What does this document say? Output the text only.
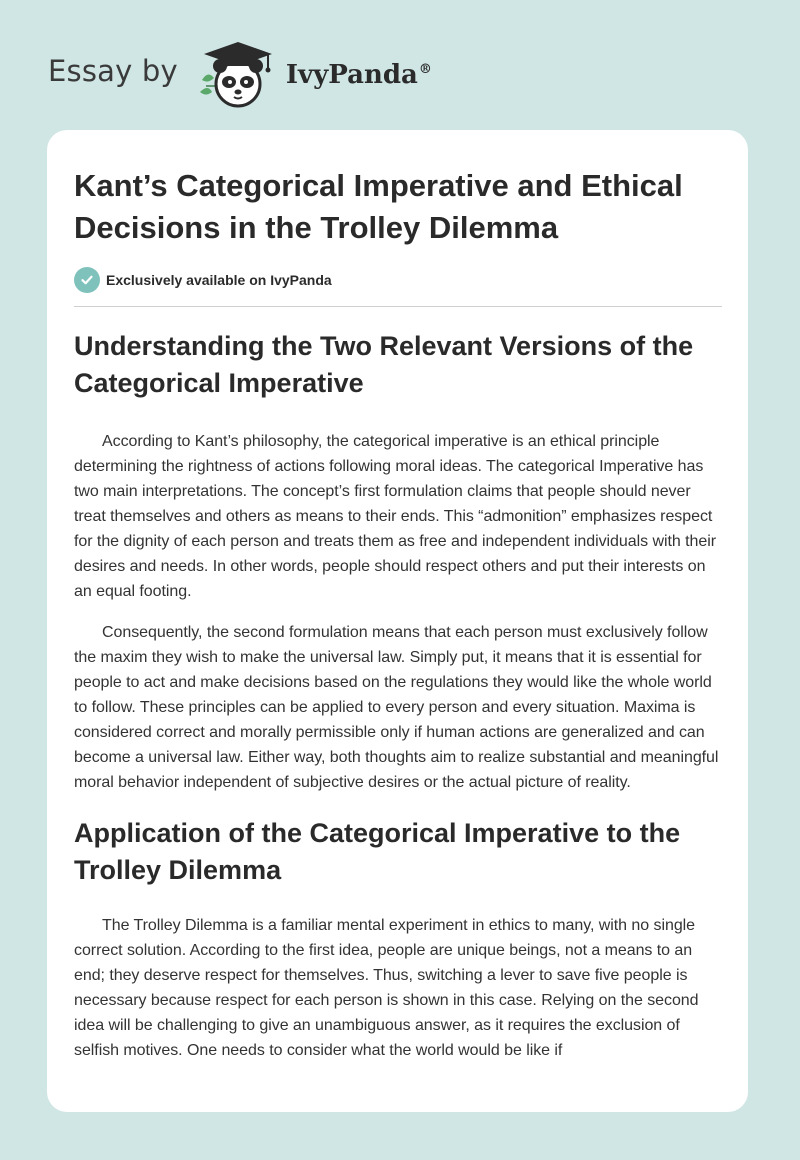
Essay by	IvyPanda®
Kant’s Categorical Imperative and Ethical Decisions in the Trolley Dilemma
Exclusively available on IvyPanda
Understanding the Two Relevant Versions of the Categorical Imperative

According to Kant’s philosophy, the categorical imperative is an ethical principle determining the rightness of actions following moral ideas. The categorical Imperative has two main interpretations. The concept’s first formulation claims that people should never treat themselves and others as means to their ends. This “admonition” emphasizes respect for the dignity of each person and treats them as free and independent individuals with their desires and needs. In other words, people should respect others and put their interests on an equal footing.

Consequently, the second formulation means that each person must exclusively follow the maxim they wish to make the universal law. Simply put, it means that it is essential for people to act and make decisions based on the regulations they would like the whole world to follow. These principles can be applied to every person and every situation. Maxima is considered correct and morally permissible only if human actions are generalized and can become a universal law. Either way, both thoughts aim to realize substantial and meaningful moral behavior independent of subjective desires or the actual picture of reality.

Application of the Categorical Imperative to the Trolley Dilemma

The Trolley Dilemma is a familiar mental experiment in ethics to many, with no single correct solution. According to the first idea, people are unique beings, not a means to an end; they deserve respect for themselves. Thus, switching a lever to save five people is necessary because respect for each person is shown in this case. Relying on the second idea will be challenging to give an unambiguous answer, as it requires the exclusion of selfish motives. One needs to consider what the world would be like if
